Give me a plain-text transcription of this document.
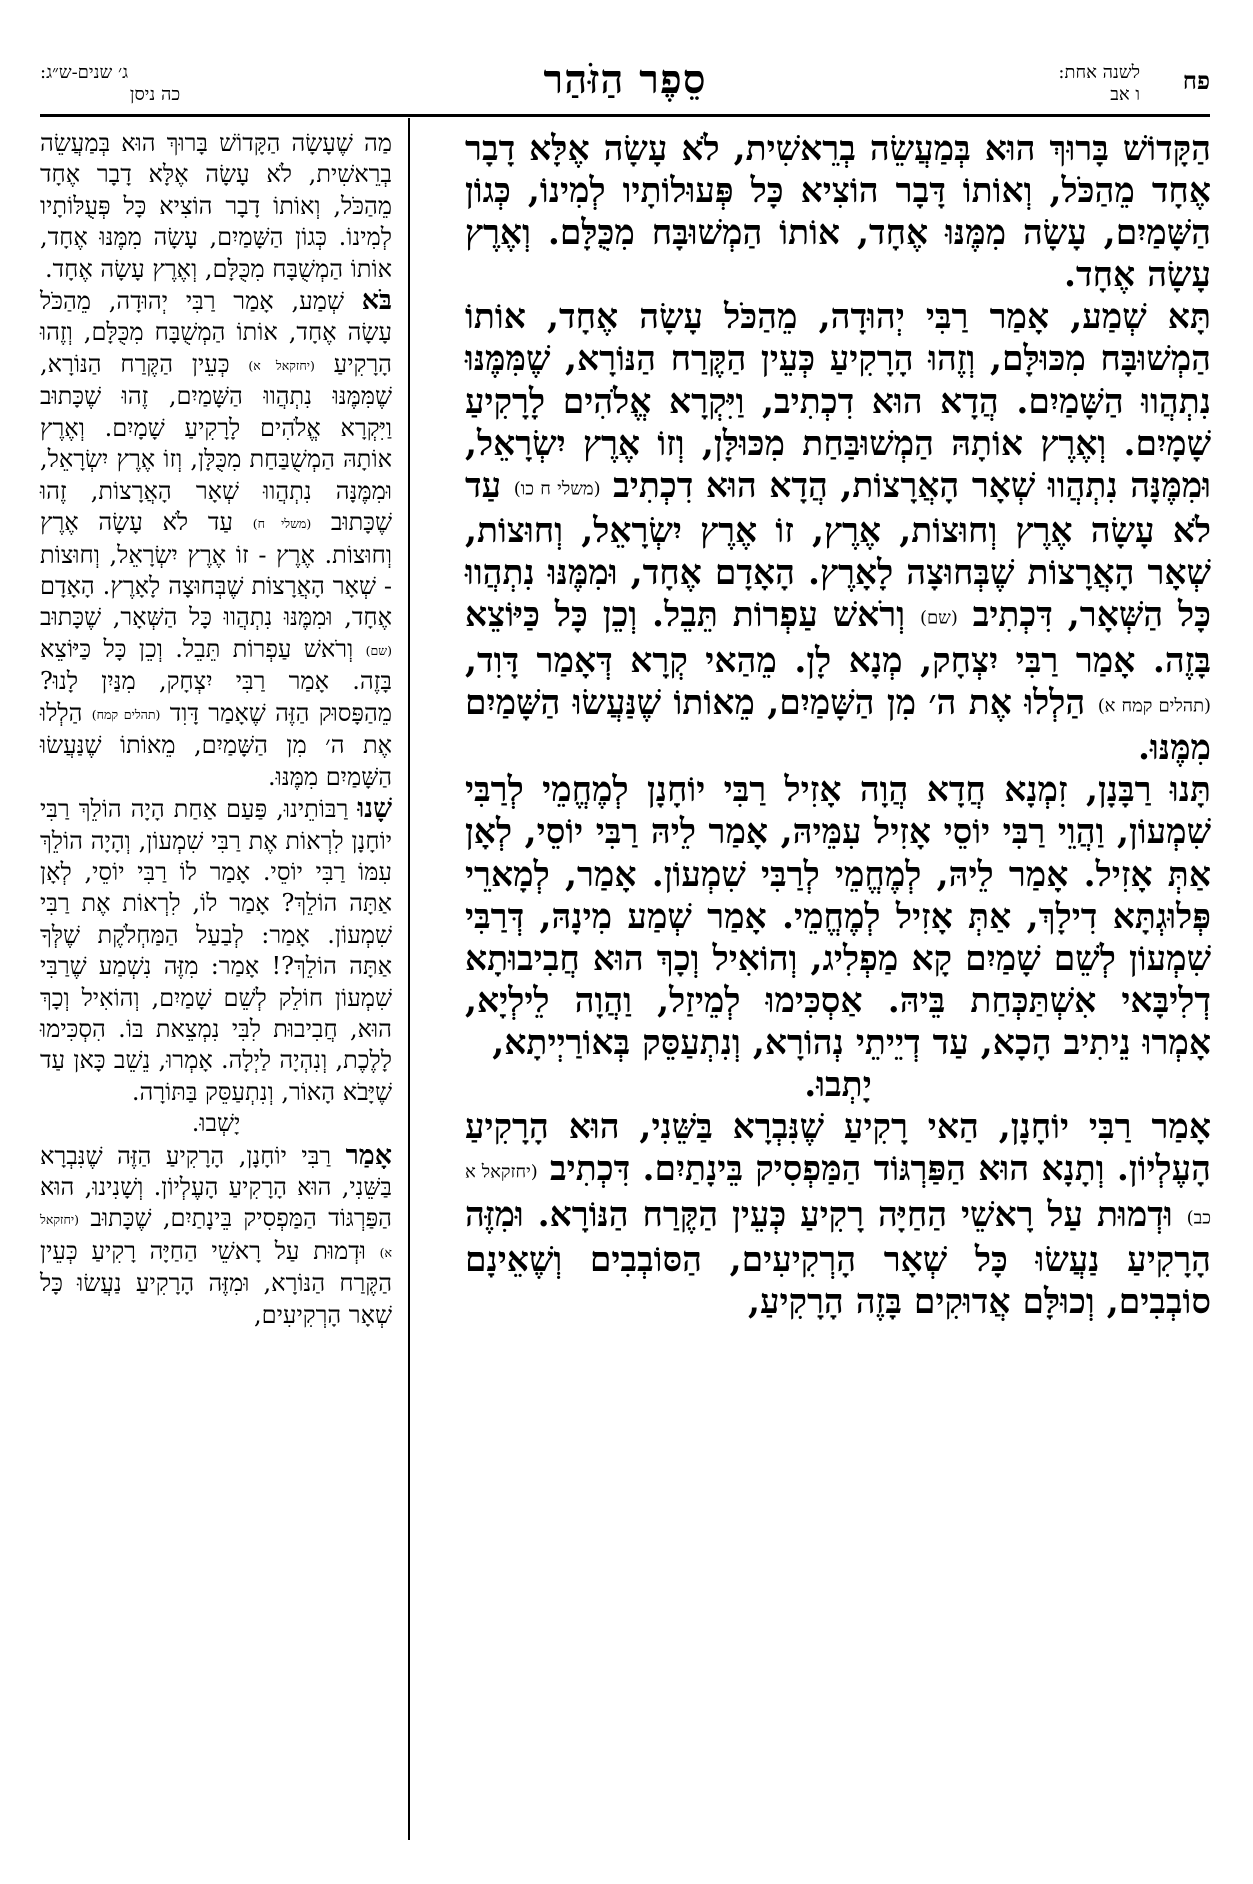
פח
לשנה אחת:
ו אב
סֵפֶר הַזֹּהַר
ג׳ שנים-ש״ג:
כה ניסן

הַקָּדוֹשׁ בָּרוּךְ הוּא בְּמַעֲשֵׂה בְרֵאשִׁית, לֹא עָשָׂה אֶלָּא דָבָר אֶחָד מֵהַכֹּל, וְאוֹתוֹ דָּבָר הוֹצִיא כָּל פְּעוּלוֹתָיו לְמִינוֹ, כְּגוֹן הַשָּׁמַיִם, עָשָׂה מִמֶּנּוּ אֶחָד, אוֹתוֹ הַמְשׁוּבָּח מִכֻּלָּם. וְאֶרֶץ עָשָׂה אֶחָד.

תָּא שְׁמַע, אָמַר רַבִּי יְהוּדָה, מֵהַכֹּל עָשָׂה אֶחָד, אוֹתוֹ הַמְשׁוּבָּח מִכּוּלָּם, וְזֶהוּ הָרָקִיעַ כְּעֵין הַקֶּרַח הַנּוֹרָא, שֶׁמִּמֶּנּוּ נִתְהֲווּ הַשָּׁמַיִם. הֲדָא הוּא דִכְתִיב, וַיִּקְרָא אֱלֹהִים לָרָקִיעַ שָׁמָיִם. וְאֶרֶץ אוֹתָהּ הַמְשׁוּבַּחַת מִכּוּלָּן, וְזוֹ אֶרֶץ יִשְׂרָאֵל, וּמִמֶּנָּה נִתְהֲווּ שְׁאָר הָאֲרָצוֹת, הֲדָא הוּא דִכְתִיב (משלי ח כו) עַד לֹא עָשָׂה אֶרֶץ וְחוּצוֹת, אֶרֶץ, זוֹ אֶרֶץ יִשְׂרָאֵל, וְחוּצוֹת, שְׁאָר הָאֲרָצוֹת שֶׁבְּחוּצָה לָאָרֶץ. הָאָדָם אֶחָד, וּמִמֶּנּוּ נִתְהֲווּ כָּל הַשְּׁאָר, דִּכְתִיב (שם) וְרֹאשׁ עַפְרוֹת תֵּבֵל. וְכֵן כָּל כַּיּוֹצֵא בָּזֶה. אָמַר רַבִּי יִצְחָק, מְנָא לָן. מֵהַאי קְרָא דְּאָמַר דָּוִד, (תהלים קמח א) הַלְלוּ אֶת ה׳ מִן הַשָּׁמַיִם, מֵאוֹתוֹ שֶׁנַּעֲשׂוּ הַשָּׁמַיִם מִמֶּנּוּ.

תָּנוּ רַבָּנָן, זִמְנָא חֲדָא הֲוָה אָזִיל רַבִּי יוֹחָנָן לְמֶחֱמֵי לְרַבִּי שִׁמְעוֹן, וַהֲוֵי רַבִּי יוֹסֵי אָזִיל עִמֵּיהּ, אָמַר לֵיהּ רַבִּי יוֹסֵי, לְאָן אַתְּ אָזִיל. אָמַר לֵיהּ, לְמֶחֱמֵי לְרַבִּי שִׁמְעוֹן. אָמַר, לְמָארֵי פְּלוּגְתָּא דִילָךְ, אַתְּ אָזִיל לְמֶחֱמֵי. אָמַר שְׁמַע מִינָהּ, דְּרַבִּי שִׁמְעוֹן לְשֵׁם שָׁמַיִם קָא מַפְלִיג, וְהוֹאִיל וְכָךְ הוּא חֲבִיבוּתָא דְלִיבָּאי אִשְׁתַּכְּחַת בֵּיהּ. אַסְכִּימוּ לְמֵיזַל, וַהֲוָה לֵילְיָא, אָמְרוּ נֵיתִיב הָכָא, עַד דְיֵיתֵי נְהוֹרָא, וְנִתְעַסֵּק בְּאוֹרַיְיתָא,

יָתְבוּ.

אָמַר רַבִּי יוֹחָנָן, הַאי רָקִיעַ שֶׁנִּבְרָא בַּשֵּׁנִי, הוּא הָרָקִיעַ הָעֶלְיוֹן. וְתָנָא הוּא הַפַּרְגּוֹד הַמַּפְסִיק בֵּינָתַיִם. דִּכְתִיב (יחזקאל א כב) וּדְמוּת עַל רָאשֵׁי הַחַיָּה רָקִיעַ כְּעֵין הַקֶּרַח הַנּוֹרָא. וּמִזֶּה הָרָקִיעַ נַעֲשׂוּ כָּל שְׁאָר הָרְקִיעִים, הַסּוֹבְבִים וְשֶׁאֵינָם סוֹבְבִים, וְכוּלָּם אֲדוּקִים בָּזֶה הָרָקִיעַ,

מַה שֶׁעָשָׂה הַקָּדוֹשׁ בָּרוּךְ הוּא בְּמַעֲשֵׂה בְרֵאשִׁית, לֹא עָשָׂה אֶלָּא דָבָר אֶחָד מֵהַכֹּל, וְאוֹתוֹ דָבָר הוֹצִיא כָּל פְּעֻלּוֹתָיו לְמִינוֹ. כְּגוֹן הַשָּׁמַיִם, עָשָׂה מִמֶּנּוּ אֶחָד, אוֹתוֹ הַמְשֻׁבָּח מִכֻּלָּם, וְאֶרֶץ עָשָׂה אֶחָד.

בֹּא שְׁמַע, אָמַר רַבִּי יְהוּדָה, מֵהַכֹּל עָשָׂה אֶחָד, אוֹתוֹ הַמְשֻׁבָּח מִכֻּלָּם, וְזֶהוּ הָרָקִיעַ (יחזקאל א) כְּעֵין הַקֶּרַח הַנּוֹרָא, שֶׁמִּמֶּנּוּ נִתְהֲווּ הַשָּׁמַיִם, זֶהוּ שֶׁכָּתוּב וַיִּקְרָא אֱלֹהִים לָרָקִיעַ שָׁמָיִם. וְאֶרֶץ אוֹתָהּ הַמְשֻׁבַּחַת מִכֻּלָּן, וְזוֹ אֶרֶץ יִשְׂרָאֵל, וּמִמֶּנָּה נִתְהֲווּ שְׁאָר הָאֲרָצוֹת, זֶהוּ שֶׁכָּתוּב (משלי ח) עַד לֹא עָשָׂה אֶרֶץ וְחוּצוֹת. אֶרֶץ - זוֹ אֶרֶץ יִשְׂרָאֵל, וְחוּצוֹת - שְׁאָר הָאֲרָצוֹת שֶׁבְּחוּצָה לָאָרֶץ. הָאָדָם אֶחָד, וּמִמֶּנּוּ נִתְהֲווּ כָּל הַשְּׁאָר, שֶׁכָּתוּב (שם) וְרֹאשׁ עַפְרוֹת תֵּבֵל. וְכֵן כָּל כַּיּוֹצֵא בָּזֶה. אָמַר רַבִּי יִצְחָק, מִנַּיִן לָנוּ? מֵהַפָּסוּק הַזֶּה שֶׁאָמַר דָּוִד (תהלים קמח) הַלְלוּ אֶת ה׳ מִן הַשָּׁמַיִם, מֵאוֹתוֹ שֶׁנַּעֲשׂוּ הַשָּׁמַיִם מִמֶּנּוּ.

שָׁנוּ רַבּוֹתֵינוּ, פַּעַם אַחַת הָיָה הוֹלֵךְ רַבִּי יוֹחָנָן לִרְאוֹת אֶת רַבִּי שִׁמְעוֹן, וְהָיָה הוֹלֵךְ עִמּוֹ רַבִּי יוֹסֵי. אָמַר לוֹ רַבִּי יוֹסֵי, לְאָן אַתָּה הוֹלֵךְ? אָמַר לוֹ, לִרְאוֹת אֶת רַבִּי שִׁמְעוֹן. אָמַר: לְבַעַל הַמַּחְלֹקֶת שֶׁלְּךָ אַתָּה הוֹלֵךְ?! אָמַר: מִזֶּה נִשְׁמַע שֶׁרַבִּי שִׁמְעוֹן חוֹלֵק לְשֵׁם שָׁמַיִם, וְהוֹאִיל וְכָךְ הוּא, חֲבִיבוּת לִבִּי נִמְצֵאת בּוֹ. הִסְכִּימוּ לָלֶכֶת, וְנִהְיָה לַיְלָה. אָמְרוּ, נֵשֵׁב כָּאן עַד שֶׁיָּבֹא הָאוֹר, וְנִתְעַסֵּק בַּתּוֹרָה.

יָשְׁבוּ.

אָמַר רַבִּי יוֹחָנָן, הָרָקִיעַ הַזֶּה שֶׁנִּבְרָא בַּשֵּׁנִי, הוּא הָרָקִיעַ הָעֶלְיוֹן. וְשָׁנִינוּ, הוּא הַפַּרְגּוֹד הַמַּפְסִיק בֵּינָתַיִם, שֶׁכָּתוּב (יחזקאל א) וּדְמוּת עַל רָאשֵׁי הַחַיָּה רָקִיעַ כְּעֵין הַקֶּרַח הַנּוֹרָא, וּמִזֶּה הָרָקִיעַ נַעֲשׂוּ כָּל שְׁאָר הָרְקִיעִים,
